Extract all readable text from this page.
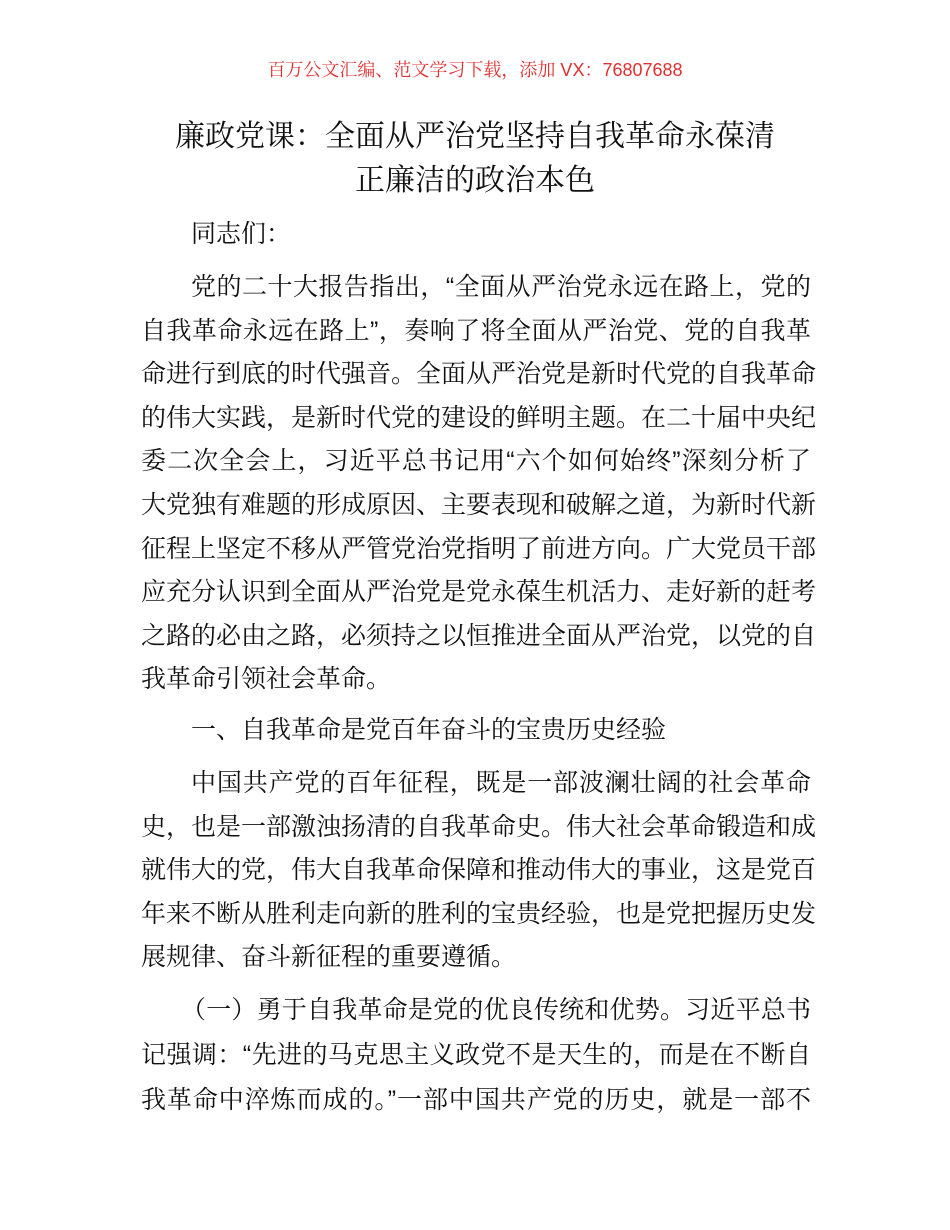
百万公文汇编、范文学习下载，添加 VX：76807688
廉政党课：全面从严治党坚持自我革命永葆清
正廉洁的政治本色
同志们：
党的二十大报告指出，“全面从严治党永远在路上，党的
自我革命永远在路上”，奏响了将全面从严治党、党的自我革
命进行到底的时代强音。全面从严治党是新时代党的自我革命
的伟大实践，是新时代党的建设的鲜明主题。在二十届中央纪
委二次全会上，习近平总书记用“六个如何始终”深刻分析了
大党独有难题的形成原因、主要表现和破解之道，为新时代新
征程上坚定不移从严管党治党指明了前进方向。广大党员干部
应充分认识到全面从严治党是党永葆生机活力、走好新的赶考
之路的必由之路，必须持之以恒推进全面从严治党，以党的自
我革命引领社会革命。
一、自我革命是党百年奋斗的宝贵历史经验
中国共产党的百年征程，既是一部波澜壮阔的社会革命
史，也是一部激浊扬清的自我革命史。伟大社会革命锻造和成
就伟大的党，伟大自我革命保障和推动伟大的事业，这是党百
年来不断从胜利走向新的胜利的宝贵经验，也是党把握历史发
展规律、奋斗新征程的重要遵循。
（一）勇于自我革命是党的优良传统和优势。习近平总书
记强调：“先进的马克思主义政党不是天生的，而是在不断自
我革命中淬炼而成的。”一部中国共产党的历史，就是一部不
